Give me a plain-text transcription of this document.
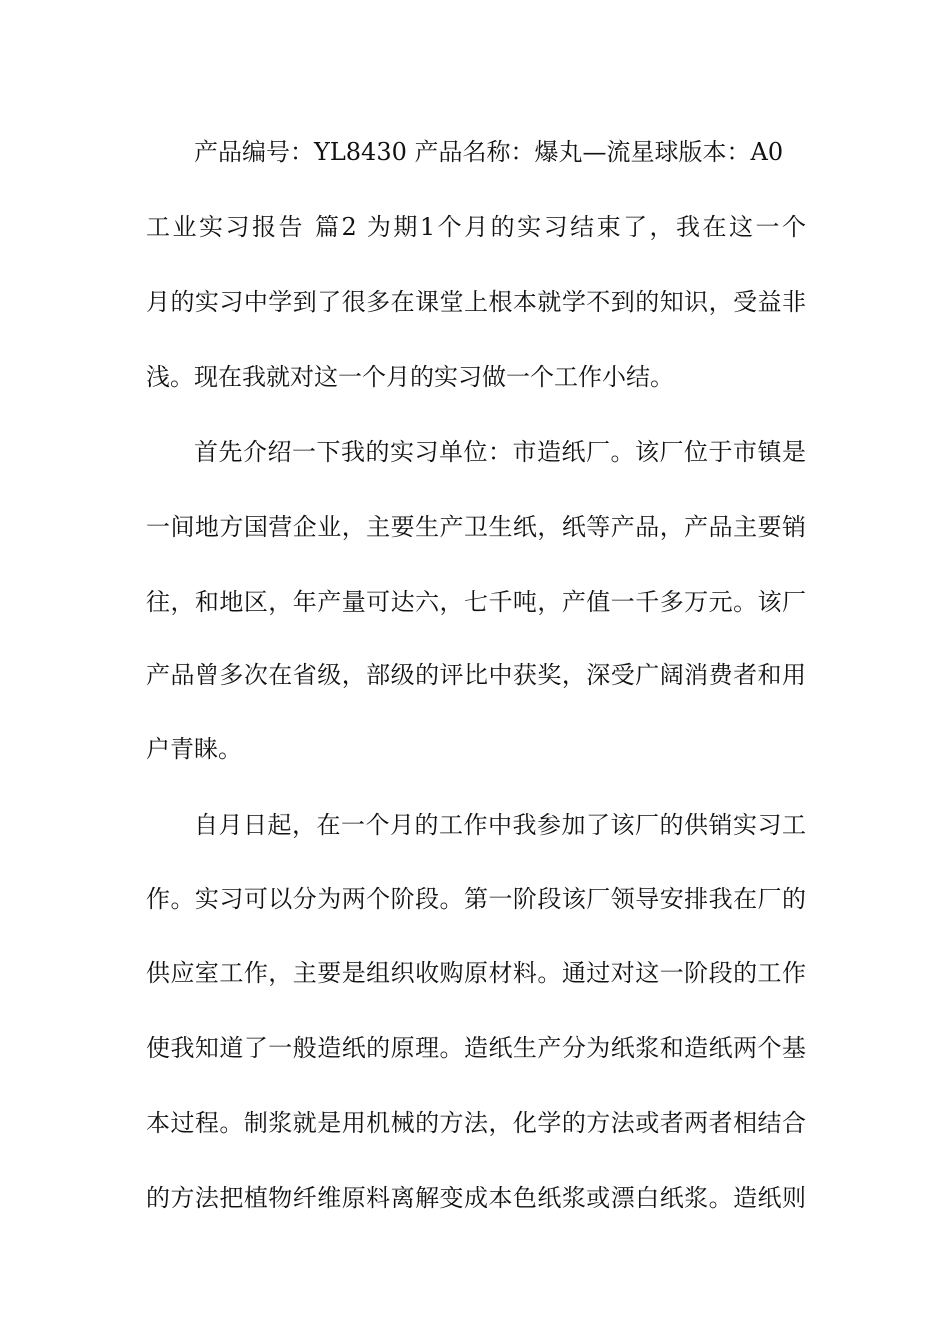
产品编号：YL8430 产品名称：爆丸—流星球版本：A0
工业实习报告 篇2 为期1个月的实习结束了，我在这一个
月的实习中学到了很多在课堂上根本就学不到的知识，受益非
浅。现在我就对这一个月的实习做一个工作小结。
首先介绍一下我的实习单位：市造纸厂。该厂位于市镇是
一间地方国营企业，主要生产卫生纸，纸等产品，产品主要销
往，和地区，年产量可达六，七千吨，产值一千多万元。该厂
产品曾多次在省级，部级的评比中获奖，深受广阔消费者和用
户青睐。
自月日起，在一个月的工作中我参加了该厂的供销实习工
作。实习可以分为两个阶段。第一阶段该厂领导安排我在厂的
供应室工作，主要是组织收购原材料。通过对这一阶段的工作
使我知道了一般造纸的原理。造纸生产分为纸浆和造纸两个基
本过程。制浆就是用机械的方法，化学的方法或者两者相结合
的方法把植物纤维原料离解变成本色纸浆或漂白纸浆。造纸则
